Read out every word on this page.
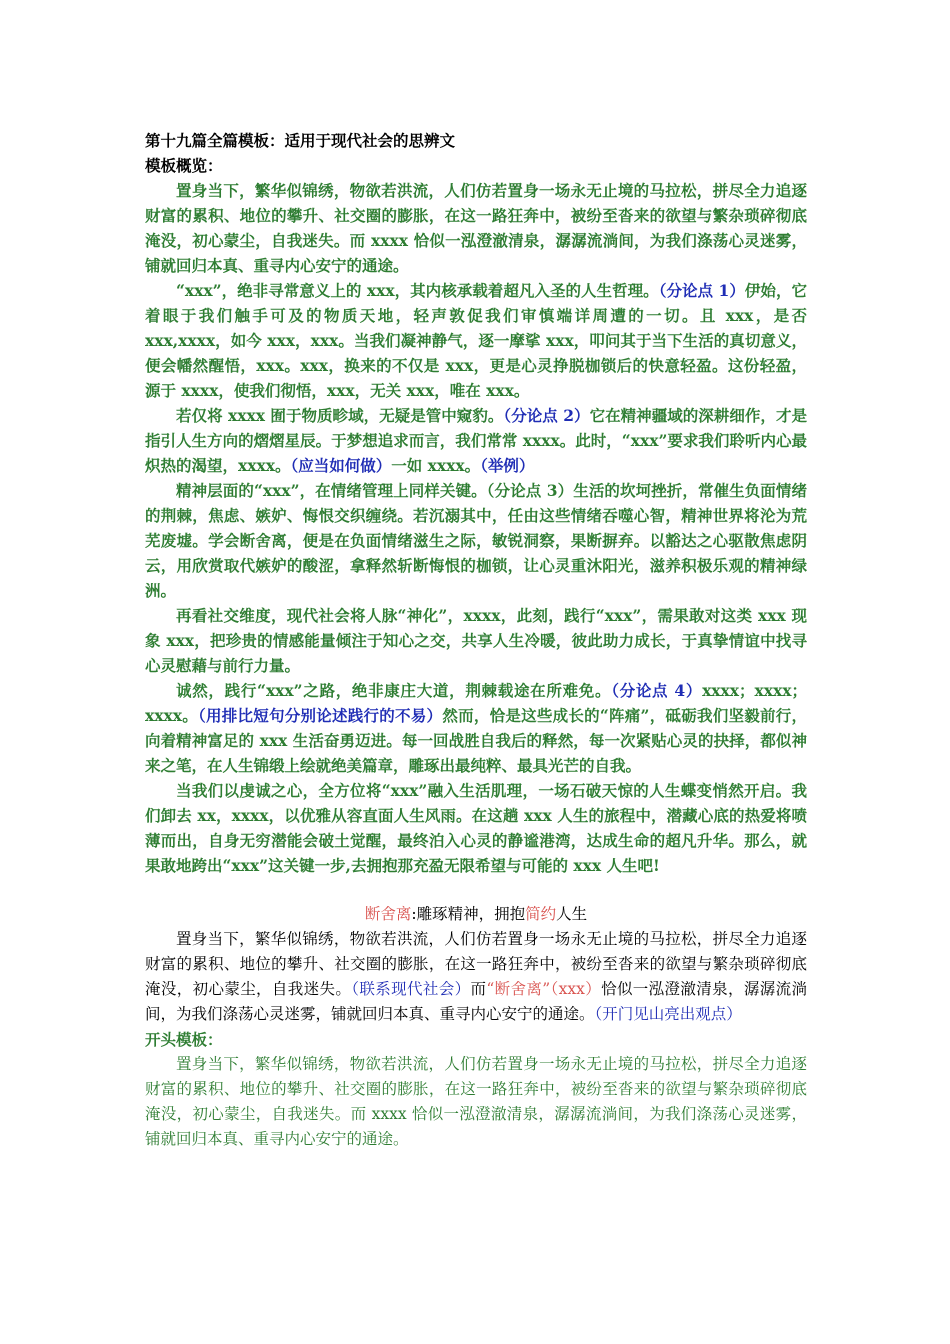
第十九篇全篇模板：适用于现代社会的思辨文
模板概览：

置身当下，繁华似锦绣，物欲若洪流，人们仿若置身一场永无止境的马拉松，拼尽全力追逐财富的累积、地位的攀升、社交圈的膨胀，在这一路狂奔中，被纷至沓来的欲望与繁杂琐碎彻底淹没，初心蒙尘，自我迷失。而 xxxx 恰似一泓澄澈清泉，潺潺流淌间，为我们涤荡心灵迷雾，铺就回归本真、重寻内心安宁的通途。

“xxx”，绝非寻常意义上的 xxx，其内核承载着超凡入圣的人生哲理。（分论点 1）伊始，它着眼于我们触手可及的物质天地，轻声敦促我们审慎端详周遭的一切。且 xxx，是否 xxx,xxxx，如今 xxx，xxx。当我们凝神静气，逐一摩挲 xxx，叩问其于当下生活的真切意义，便会幡然醒悟，xxx。xxx，换来的不仅是 xxx，更是心灵挣脱枷锁后的快意轻盈。这份轻盈，源于 xxxx，使我们彻悟，xxx，无关 xxx，唯在 xxx。

若仅将 xxxx 囿于物质畛域，无疑是管中窥豹。（分论点 2）它在精神疆域的深耕细作，才是指引人生方向的熠熠星辰。于梦想追求而言，我们常常 xxxx。此时，“xxx”要求我们聆听内心最炽热的渴望，xxxx。（应当如何做）一如 xxxx。（举例）

精神层面的“xxx”，在情绪管理上同样关键。（分论点 3）生活的坎坷挫折，常催生负面情绪的荆棘，焦虑、嫉妒、悔恨交织缠绕。若沉溺其中，任由这些情绪吞噬心智，精神世界将沦为荒芜废墟。学会断舍离，便是在负面情绪滋生之际，敏锐洞察，果断摒弃。以豁达之心驱散焦虑阴云，用欣赏取代嫉妒的酸涩，拿释然斩断悔恨的枷锁，让心灵重沐阳光，滋养积极乐观的精神绿洲。

再看社交维度，现代社会将人脉“神化”，xxxx，此刻，践行“xxx”，需果敢对这类 xxx 现象 xxx，把珍贵的情感能量倾注于知心之交，共享人生冷暖，彼此助力成长，于真挚情谊中找寻心灵慰藉与前行力量。

诚然，践行“xxx”之路，绝非康庄大道，荆棘载途在所难免。（分论点 4）xxxx；xxxx；xxxx。（用排比短句分别论述践行的不易）然而，恰是这些成长的“阵痛”，砥砺我们坚毅前行，向着精神富足的 xxx 生活奋勇迈进。每一回战胜自我后的释然，每一次紧贴心灵的抉择，都似神来之笔，在人生锦缎上绘就绝美篇章，雕琢出最纯粹、最具光芒的自我。

当我们以虔诚之心，全方位将“xxx”融入生活肌理，一场石破天惊的人生蝶变悄然开启。我们卸去 xx，xxxx，以优雅从容直面人生风雨。在这趟 xxx 人生的旅程中，潜藏心底的热爱将喷薄而出，自身无穷潜能会破土觉醒，最终泊入心灵的静谧港湾，达成生命的超凡升华。那么，就果敢地跨出“xxx”这关键一步,去拥抱那充盈无限希望与可能的 xxx 人生吧!

断舍离:雕琢精神，拥抱简约人生

置身当下，繁华似锦绣，物欲若洪流，人们仿若置身一场永无止境的马拉松，拼尽全力追逐财富的累积、地位的攀升、社交圈的膨胀，在这一路狂奔中，被纷至沓来的欲望与繁杂琐碎彻底淹没，初心蒙尘，自我迷失。（联系现代社会）而“断舍离”（xxx）恰似一泓澄澈清泉，潺潺流淌间，为我们涤荡心灵迷雾，铺就回归本真、重寻内心安宁的通途。（开门见山亮出观点）

开头模板：

置身当下，繁华似锦绣，物欲若洪流，人们仿若置身一场永无止境的马拉松，拼尽全力追逐财富的累积、地位的攀升、社交圈的膨胀，在这一路狂奔中，被纷至沓来的欲望与繁杂琐碎彻底淹没，初心蒙尘，自我迷失。而 xxxx 恰似一泓澄澈清泉，潺潺流淌间，为我们涤荡心灵迷雾，铺就回归本真、重寻内心安宁的通途。
